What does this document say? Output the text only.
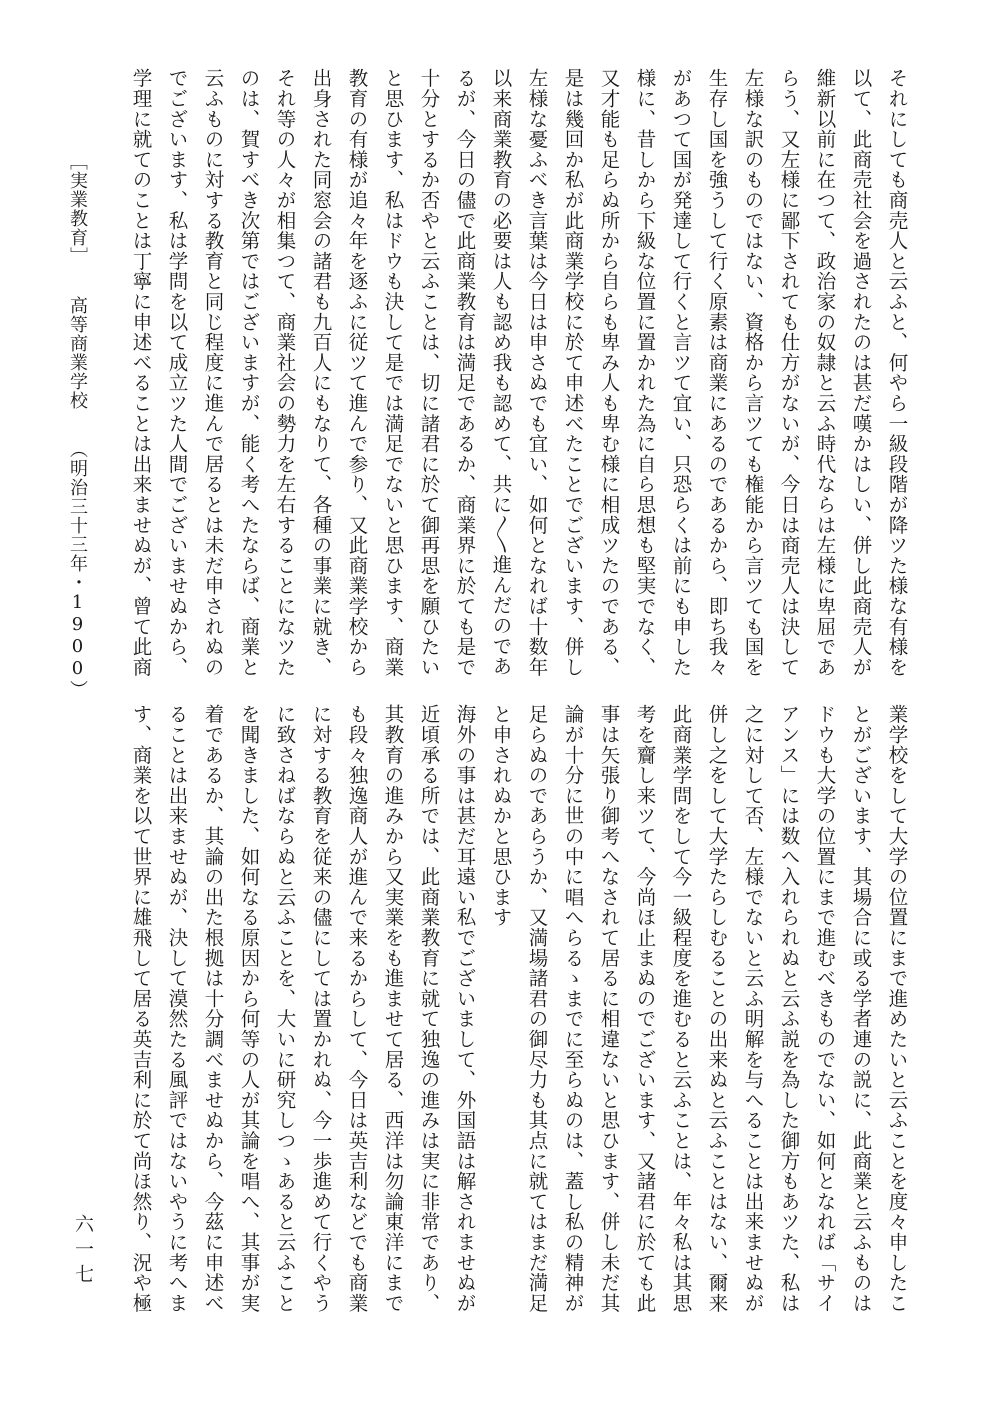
それにしても商売人と云ふと、何やら一級段階が降ツた様な有様を
以て、此商売社会を過されたのは甚だ嘆かはしい、併し此商売人が
維新以前に在つて、政治家の奴隷と云ふ時代ならは左様に卑屈であ
らう、又左様に鄙下されても仕方がないが、今日は商売人は決して
左様な訳のものではない、資格から言ツても権能から言ツても国を
生存し国を強うして行く原素は商業にあるのであるから、即ち我々
があつて国が発達して行くと言ツて宜い、只恐らくは前にも申した
様に、昔しから下級な位置に置かれた為に自ら思想も堅実でなく、
又才能も足らぬ所から自らも卑み人も卑む様に相成ツたのである、
是は幾回か私が此商業学校に於て申述べたことでございます、併し
左様な憂ふべき言葉は今日は申さぬでも宜い、如何となれば十数年
以来商業教育の必要は人も認め我も認めて、共に〳〵進んだのであ
るが、今日の儘で此商業教育は満足であるか、商業界に於ても是で
十分とするか否やと云ふことは、切に諸君に於て御再思を願ひたい
と思ひます、私はドウも決して是では満足でないと思ひます、商業
教育の有様が追々年を逐ふに従ツて進んで参り、又此商業学校から
出身された同窓会の諸君も九百人にもなりて、各種の事業に就き、
それ等の人々が相集つて、商業社会の勢力を左右することになツた
のは、賀すべき次第ではございますが、能く考へたならば、商業と
云ふものに対する教育と同じ程度に進んで居るとは未だ申されぬの
でございます、私は学問を以て成立ツた人間でございませぬから、
学理に就てのことは丁寧に申述べることは出来ませぬが、曾て此商
［実業教育］高等商業学校（明治三十三年・1900）
業学校をして大学の位置にまで進めたいと云ふことを度々申したこ
とがございます、其場合に或る学者連の説に、此商業と云ふものは
ドウも大学の位置にまで進むべきものでない、如何となれば「サイ
アンス」には数へ入れられぬと云ふ説を為した御方もあツた、私は
之に対して否、左様でないと云ふ明解を与へることは出来ませぬが
併し之をして大学たらしむることの出来ぬと云ふことはない、爾来
此商業学問をして今一級程度を進むると云ふことは、年々私は其思
考を齎し来ツて、今尚ほ止まぬのでございます、又諸君に於ても此
事は矢張り御考へなされて居るに相違ないと思ひます、併し未だ其
論が十分に世の中に唱へらるゝまでに至らぬのは、蓋し私の精神が
足らぬのであらうか、又満場諸君の御尽力も其点に就てはまだ満足
と申されぬかと思ひます
海外の事は甚だ耳遠い私でございまして、外国語は解されませぬが
近頃承る所では、此商業教育に就て独逸の進みは実に非常であり、
其教育の進みから又実業をも進ませて居る、西洋は勿論東洋にまで
も段々独逸商人が進んで来るからして、今日は英吉利などでも商業
に対する教育を従来の儘にしては置かれぬ、今一歩進めて行くやう
に致さねばならぬと云ふことを、大いに研究しつゝあると云ふこと
を聞きました、如何なる原因から何等の人が其論を唱へ、其事が実
着であるか、其論の出た根拠は十分調べませぬから、今茲に申述べ
ることは出来ませぬが、決して漠然たる風評ではないやうに考へま
す、商業を以て世界に雄飛して居る英吉利に於て尚ほ然り、況や極
六一七
